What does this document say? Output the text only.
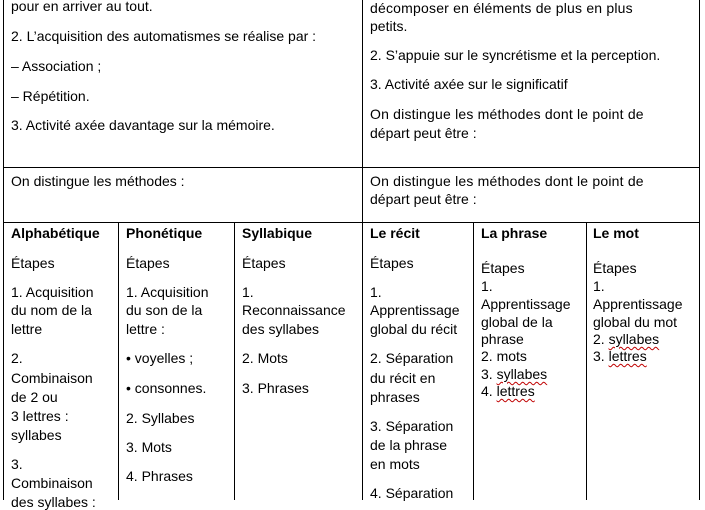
pour en arriver au tout.
2. L’acquisition des automatismes se réalise par :
– Association ;
– Répétition.
3. Activité axée davantage sur la mémoire.
décomposer en éléments de plus en plus
petits.
2. S’appuie sur le syncrétisme et la perception.
3. Activité axée sur le significatif
On distingue les méthodes dont le point de
départ peut être :
On distingue les méthodes :	On distingue les méthodes dont le point de
départ peut être :
Alphabétique
Étapes
1. Acquisition
du nom de la
lettre
2.
Combinaison
de 2 ou
3 lettres :
syllabes
3.
Combinaison
des syllabes :
Phonétique
Étapes
1. Acquisition
du son de la
lettre :
• voyelles ;
• consonnes.
2. Syllabes
3. Mots
4. Phrases
Syllabique
Étapes
1.
Reconnaissance
des syllabes
2. Mots
3. Phrases
Le récit
Étapes
1.
Apprentissage
global du récit
2. Séparation
du récit en
phrases
3. Séparation
de la phrase
en mots
4. Séparation
La phrase
Étapes
1.
Apprentissage
global de la
phrase
2. mots
3. syllabes
4. lettres
Le mot
Étapes
1.
Apprentissage
global du mot
2. syllabes
3. lettres
